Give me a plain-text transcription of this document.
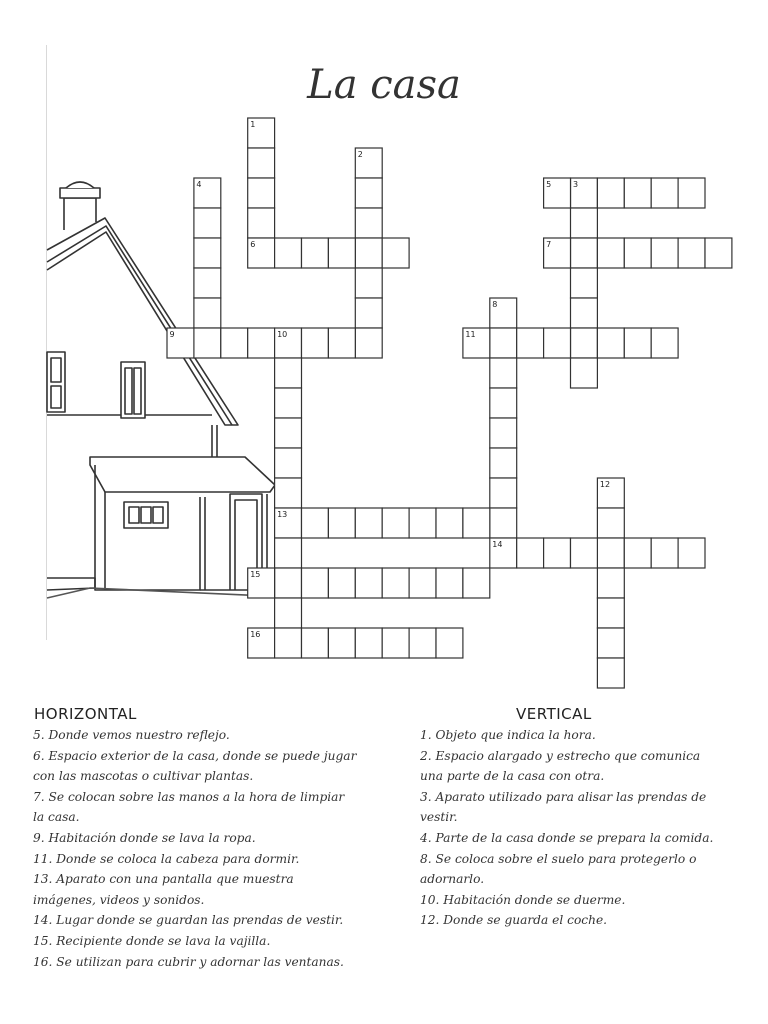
La casa
1
2
3
4	5
6	7
8
9	10	11
12
13
14
15
16
HORIZONTAL
5. Donde vemos nuestro reflejo.
6. Espacio exterior de la casa, donde se puede jugar
con las mascotas o cultivar plantas.
7. Se colocan sobre las manos a la hora de limpiar
la casa.
9. Habitación donde se lava la ropa.
11. Donde se coloca la cabeza para dormir.
13. Aparato con una pantalla que muestra
imágenes, videos y sonidos.
14. Lugar donde se guardan las prendas de vestir.
15. Recipiente donde se lava la vajilla.
16. Se utilizan para cubrir y adornar las ventanas.
VERTICAL
1. Objeto que indica la hora.
2. Espacio alargado y estrecho que comunica
una parte de la casa con otra.
3. Aparato utilizado para alisar las prendas de
vestir.
4. Parte de la casa donde se prepara la comida.
8. Se coloca sobre el suelo para protegerlo o
adornarlo.
10. Habitación donde se duerme.
12. Donde se guarda el coche.
